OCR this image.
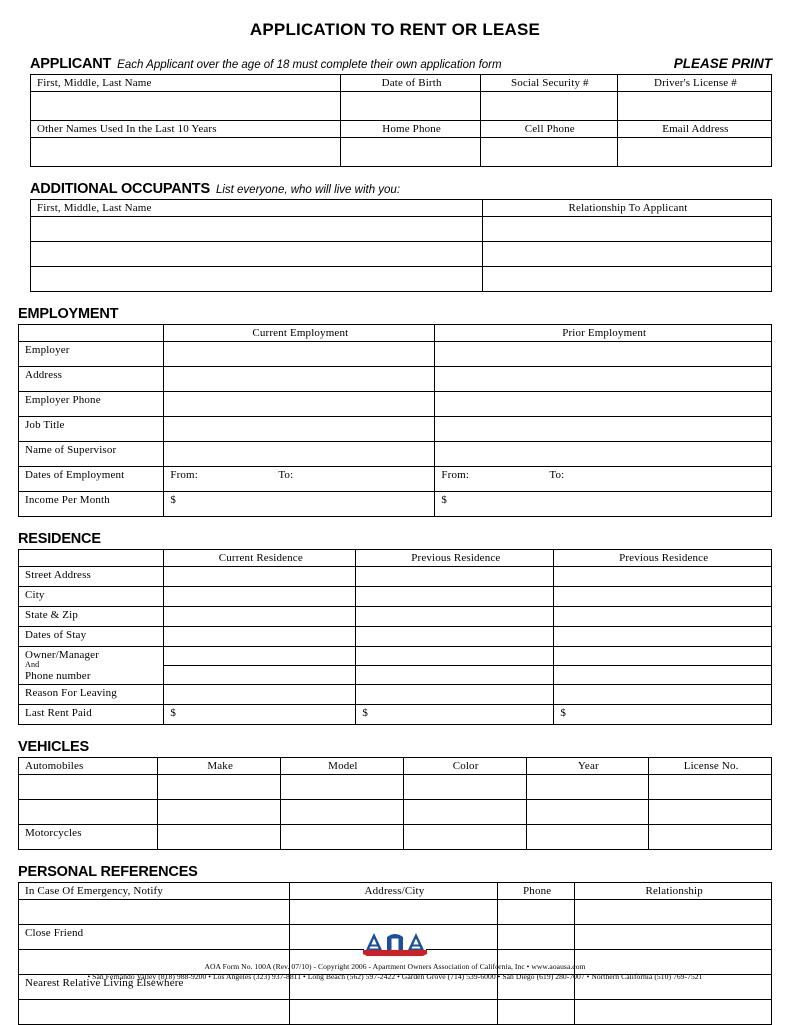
APPLICATION TO RENT OR LEASE
APPLICANT Each Applicant over the age of 18 must complete their own application form	PLEASE PRINT
First, Middle, Last Name	Date of Birth	Social Security #	Driver's License #

Other Names Used In the Last 10 Years	Home Phone	Cell Phone	Email Address

ADDITIONAL OCCUPANTS List everyone, who will live with you:
First, Middle, Last Name	Relationship To Applicant

EMPLOYMENT
	Current Employment	Prior Employment
Employer		
Address		
Employer Phone		
Job Title		
Name of Supervisor		
Dates of Employment	From: To:	From: To:
Income Per Month	$	$
RESIDENCE
	Current Residence	Previous Residence	Previous Residence
Street Address			
City			
State & Zip			
Dates of Stay			
Owner/Manager
And
Phone number			

Reason For Leaving			
Last Rent Paid	$	$	$
VEHICLES
Automobiles	Make	Model	Color	Year	License No.

Motorcycles					
PERSONAL REFERENCES
In Case Of Emergency, Notify	Address/City	Phone	Relationship

Close Friend			

Nearest Relative Living Elsewhere			

AOA Form No. 100A (Rev. 07/10) - Copyright 2006 - Apartment Owners Association of California, Inc • www.aoausa.com
• San Fernando Valley (818) 988-9200 • Los Angeles (323) 937-8811 • Long Beach (562) 597-2422 • Garden Grove (714) 539-6000 • San Diego (619) 280-7007 • Northern California (510) 769-7521
